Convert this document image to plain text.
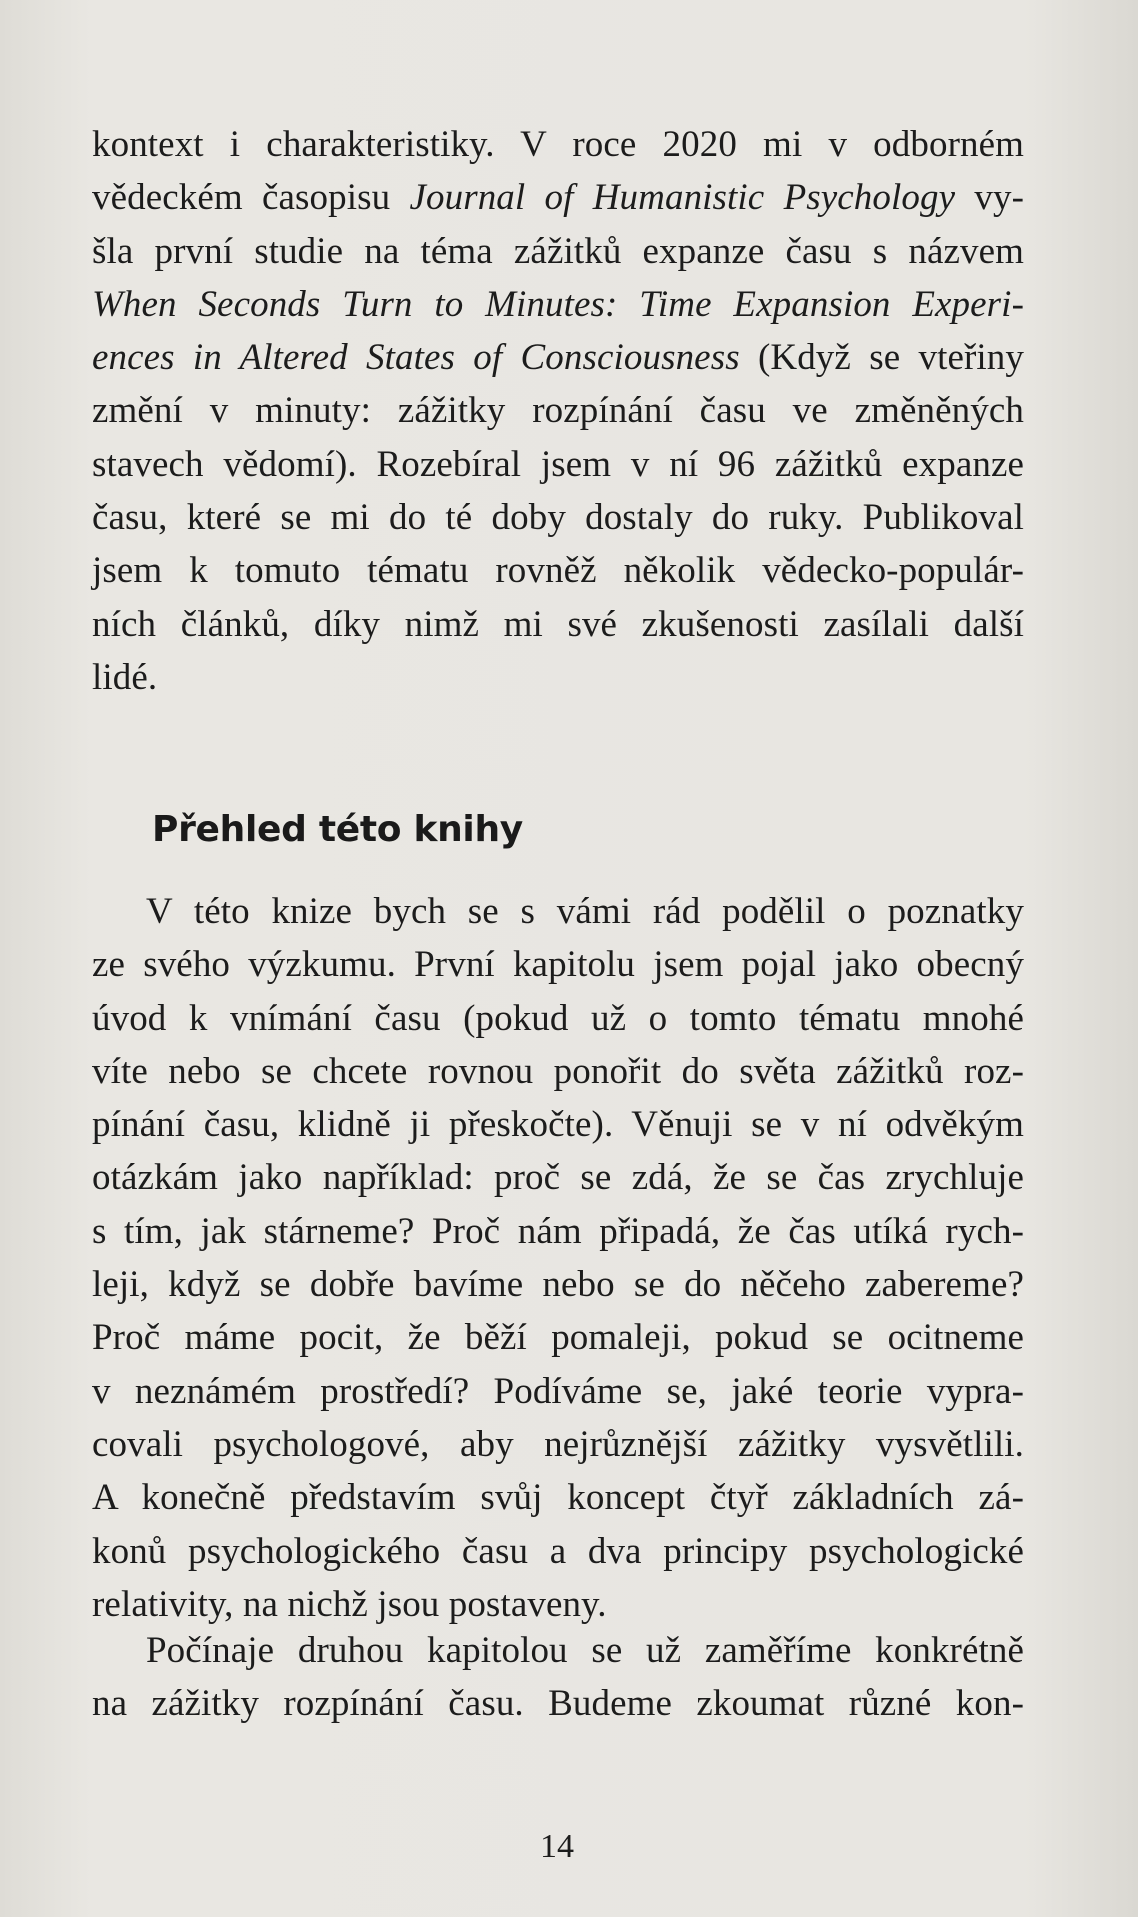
kontext i charakteristiky. V roce 2020 mi v odborném
vědeckém časopisu Journal of Humanistic Psychology vy-
šla první studie na téma zážitků expanze času s názvem
When Seconds Turn to Minutes: Time Expansion Experi-
ences in Altered States of Consciousness (Když se vteřiny
změní v minuty: zážitky rozpínání času ve změněných
stavech vědomí). Rozebíral jsem v ní 96 zážitků expanze
času, které se mi do té doby dostaly do ruky. Publikoval
jsem k tomuto tématu rovněž několik vědecko-populár-
ních článků, díky nimž mi své zkušenosti zasílali další
lidé.
Přehled této knihy
V této knize bych se s vámi rád podělil o poznatky
ze svého výzkumu. První kapitolu jsem pojal jako obecný
úvod k vnímání času (pokud už o tomto tématu mnohé
víte nebo se chcete rovnou ponořit do světa zážitků roz-
pínání času, klidně ji přeskočte). Věnuji se v ní odvěkým
otázkám jako například: proč se zdá, že se čas zrychluje
s tím, jak stárneme? Proč nám připadá, že čas utíká rych-
leji, když se dobře bavíme nebo se do něčeho zabereme?
Proč máme pocit, že běží pomaleji, pokud se ocitneme
v neznámém prostředí? Podíváme se, jaké teorie vypra-
covali psychologové, aby nejrůznější zážitky vysvětlili.
A konečně představím svůj koncept čtyř základních zá-
konů psychologického času a dva principy psychologické
relativity, na nichž jsou postaveny.
Počínaje druhou kapitolou se už zaměříme konkrétně
na zážitky rozpínání času. Budeme zkoumat různé kon-
14
